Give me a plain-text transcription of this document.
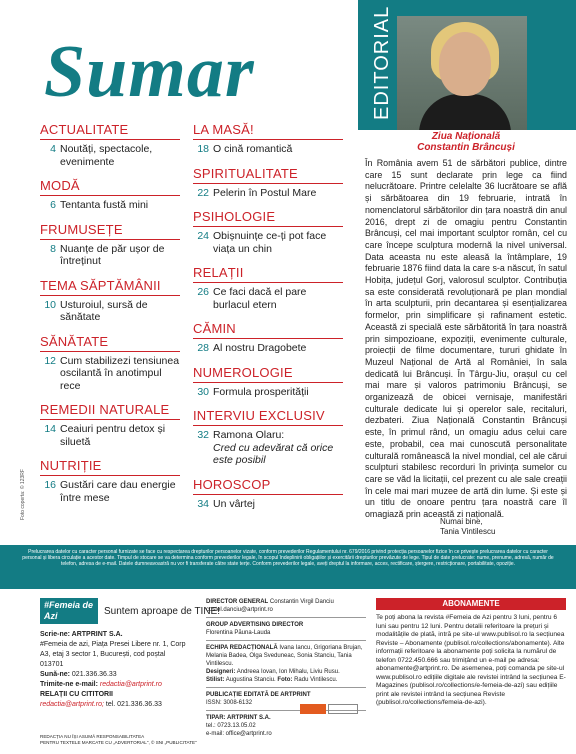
Sumar
Foto coperta: © 123RF
ACTUALITATE
4 Noutăți, spectacole, evenimente
MODĂ
6 Tentanta fustă mini
FRUMUSEȚE
8 Nuanțe de păr ușor de întreținut
TEMA SĂPTĂMÂNII
10 Usturoiul, sursă de sănătate
SĂNĂTATE
12 Cum stabilizezi tensiunea oscilantă în anotimpul rece
REMEDII NATURALE
14 Ceaiuri pentru detox și siluetă
NUTRIȚIE
16 Gustări care dau energie între mese
LA MASĂ!
18 O cină romantică
SPIRITUALITATE
22 Pelerin în Postul Mare
PSIHOLOGIE
24 Obișnuințe ce-ți pot face viața un chin
RELAȚII
26 Ce faci dacă el pare burlacul etern
CĂMIN
28 Al nostru Dragobete
NUMEROLOGIE
30 Formula prosperității
INTERVIU EXCLUSIV
32 Ramona Olaru:
Cred cu adevărat că orice este posibil
HOROSCOP
34 Un vârtej
EDITORIAL
Ziua Națională
Constantin Brâncuși
În România avem 51 de sărbători publice, dintre care 15 sunt declarate prin lege ca fiind nelucrătoare. Printre celelalte 36 lucrătoare se află și sărbătoarea din 19 februarie, intrată în nomenclatorul sărbătorilor din țara noastră din anul 2016, drept zi de omagiu pentru Constantin Brâncuși, cel mai important sculptor român, cel cu care începe sculptura modernă la nivel universal. Data aceasta nu este aleasă la întâmplare, 19 februarie 1876 fiind data la care s-a născut, în satul Hobița, județul Gorj, valorosul sculptor. Contribuția sa este considerată revoluționară pe plan mondial în arta sculpturii, prin decantarea și esențializarea formelor, prin simplificare și rafinament estetic. Această zi specială este sărbătorită în țara noastră prin simpozioane, expoziții, evenimente culturale, proiecții de filme documentare, tururi ghidate în Muzeul Național de Artă al României, în sala dedicată lui Brâncuși. În Târgu-Jiu, orașul cu cel mai mare și valoros patrimoniu Brâncuși, se organizează de obicei vernisaje, manifestări culturale dedicate lui și operelor sale, recitaluri, dezbateri. Ziua Națională Constantin Brâncuși este, în primul rând, un omagiu adus celui care este, probabil, cea mai cunoscută personalitate culturală românească la nivel mondial, cel ale cărui sculpturi stabilesc recorduri în privința sumelor cu care se văd la licitații, cel prezent cu ale sale creații în cele mai mari muzee de artă din lume. Și este și un titlu de onoare pentru țara noastră care îl omagiază prin această zi națională.
Numai bine,
Tania Vintilescu
Prelucrarea datelor cu caracter personal furnizate se face cu respectarea drepturilor persoanelor vizate, conform prevederilor Regulamentului nr. 679/2016 privind protecția persoanelor fizice în ce privește prelucrarea datelor cu caracter personal și libera circulație a acestor date. Timpul de stocare se va determina conform prevederilor legale, în scopul îndeplinirii obligațiilor și exercitării drepturilor prevăzute de lege. Tipul de date prelucrate: nume, prenume, adresă, număr de telefon, adresa de e-mail. Datele dumneavoastră nu vor fi transferate către state terțe. Conform prevederilor legale, aveți dreptul la informare, acces, rectificare, ștergere, restricționare, portabilitate, opoziție.
#Femeia de Azi	Suntem aproape de TINE!
Scrie-ne: ARTPRINT S.A.
#Femeia de azi, Piața Presei Libere nr. 1, Corp A3, etaj 3 sector 1, București, cod poștal 013701
Sună-ne: 021.336.36.33
Trimite-ne e-mail: redactia@artprint.ro
RELAȚII CU CITITORII
redactia@artprint.ro; tel. 021.336.36.33
DIRECTOR GENERAL Constantin Virgil Danciu
costel.danciu@artprint.ro
GROUP ADVERTISING DIRECTOR
Florentina Păuna-Lauda
ECHIPA REDACȚIONALĂ Ivana Iancu, Grigoriana Brujan, Melania Badea, Olga Sveduneac, Sonia Stanciu, Tania Vintilescu.
Designeri: Andreea Iovan, Ion Mihalu, Liviu Rusu.
Stilist: Augustina Stanciu. Foto: Radu Vintilescu.
PUBLICAȚIE EDITATĂ DE ARTPRINT
ISSN: 3008-6132
TIPAR: ARTPRINT S.A.
tel.: 0723.13.05.02
e-mail: office@artprint.ro
ABONAMENTE
Te poți abona la revista #Femeia de Azi pentru 3 luni, pentru 6 luni sau pentru 12 luni. Pentru detalii referitoare la prețuri și modalitățile de plată, intră pe site-ul www.publisol.ro la secțiunea Reviste – Abonamente (publisol.ro/collections/abonamente). Alte informații referitoare la abonamente poți solicita la numărul de telefon 0722.450.666 sau trimițând un e-mail pe adresa: abonamente@artprint.ro. De asemenea, poți comanda pe site-ul www.publisol.ro edițiile digitale ale revistei intrând la secțiunea E-Magazines (publisol.ro/collections/e-femeia-de-azi) sau edițiile print ale revistei intrând la secțiunea Reviste (publisol.ro/collections/femeia-de-azi).
REDACȚIA NU ÎȘI ASUMĂ RESPONSABILITATEA
PENTRU TEXTELE MARCATE CU „ADVERTORIAL", © SNI „PUBLICITATE"
